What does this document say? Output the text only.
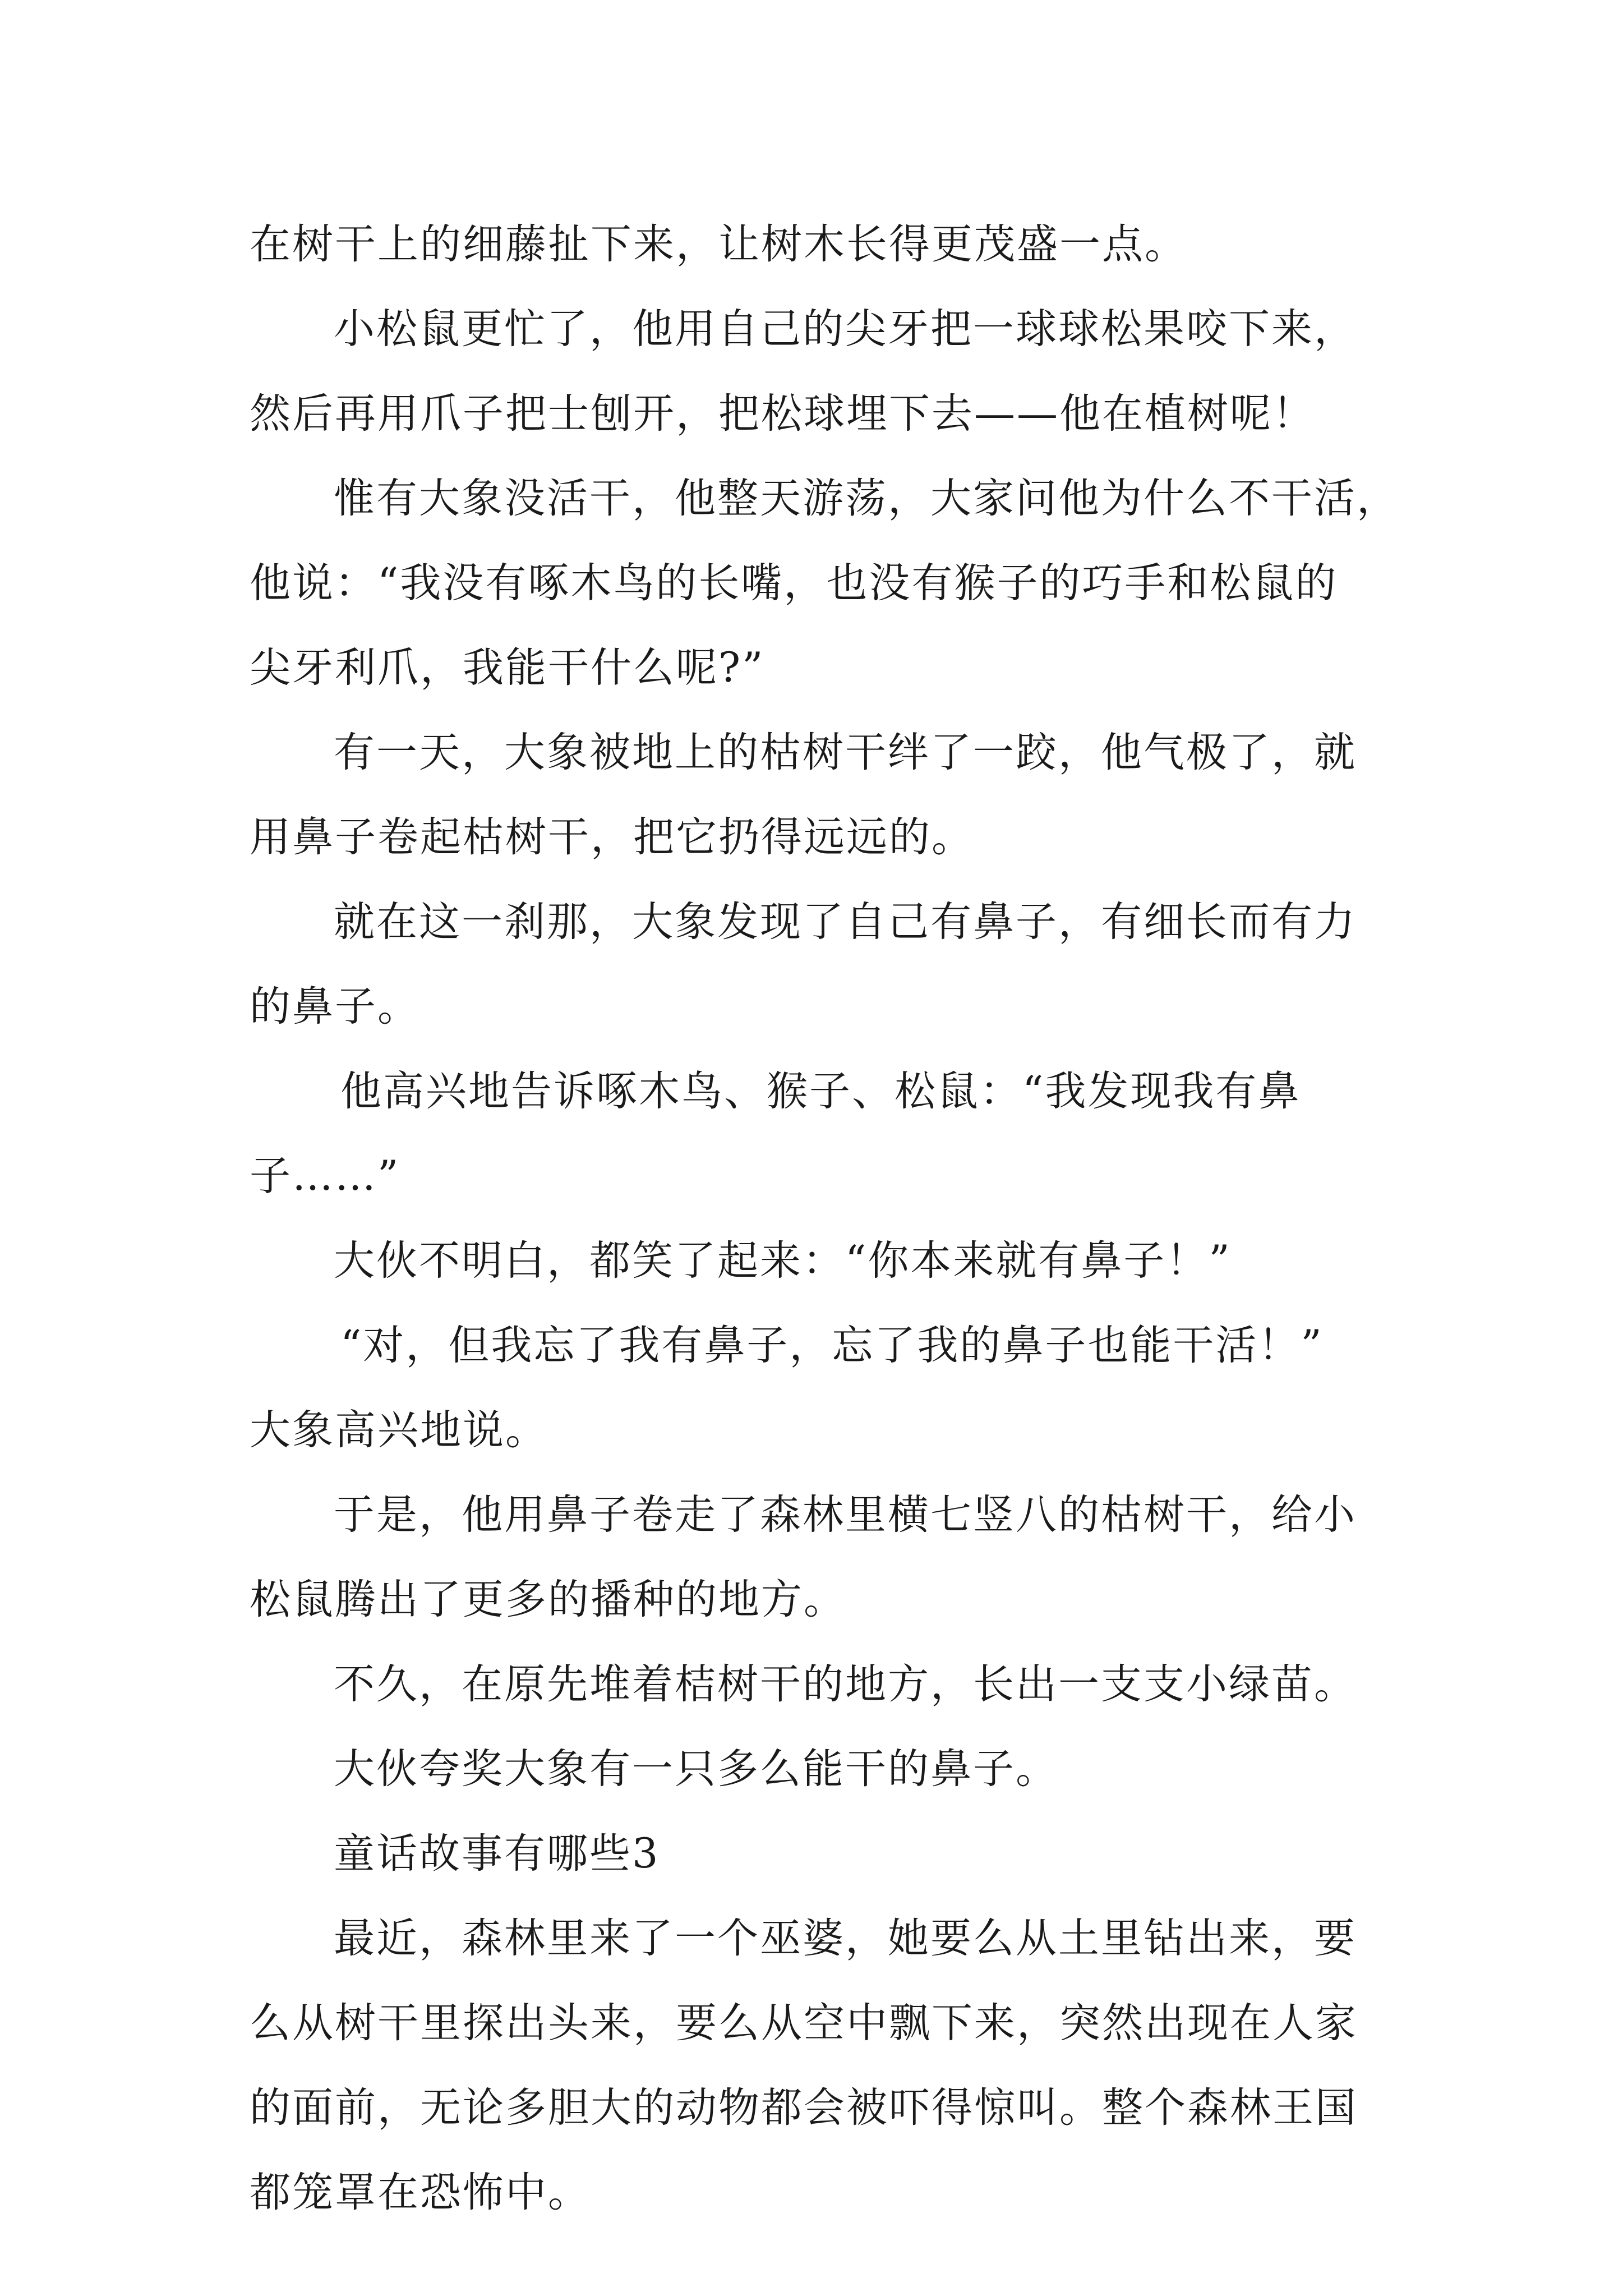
在树干上的细藤扯下来，让树木长得更茂盛一点。
小松鼠更忙了，他用自己的尖牙把一球球松果咬下来，
然后再用爪子把士刨开，把松球埋下去——他在植树呢！
惟有大象没活干，他整天游荡，大家问他为什么不干活，
他说：“我没有啄木鸟的长嘴，也没有猴子的巧手和松鼠的
尖牙利爪，我能干什么呢?”
有一天，大象被地上的枯树干绊了一跤，他气极了，就
用鼻子卷起枯树干，把它扔得远远的。
就在这一刹那，大象发现了自己有鼻子，有细长而有力
的鼻子。
他高兴地告诉啄木鸟、猴子、松鼠：“我发现我有鼻
子……”
大伙不明白，都笑了起来：“你本来就有鼻子！”
“对，但我忘了我有鼻子，忘了我的鼻子也能干活！”
大象高兴地说。
于是，他用鼻子卷走了森林里横七竖八的枯树干，给小
松鼠腾出了更多的播种的地方。
不久，在原先堆着桔树干的地方，长出一支支小绿苗。
大伙夸奖大象有一只多么能干的鼻子。
童话故事有哪些3
最近，森林里来了一个巫婆，她要么从土里钻出来，要
么从树干里探出头来，要么从空中飘下来，突然出现在人家
的面前，无论多胆大的动物都会被吓得惊叫。整个森林王国
都笼罩在恐怖中。
